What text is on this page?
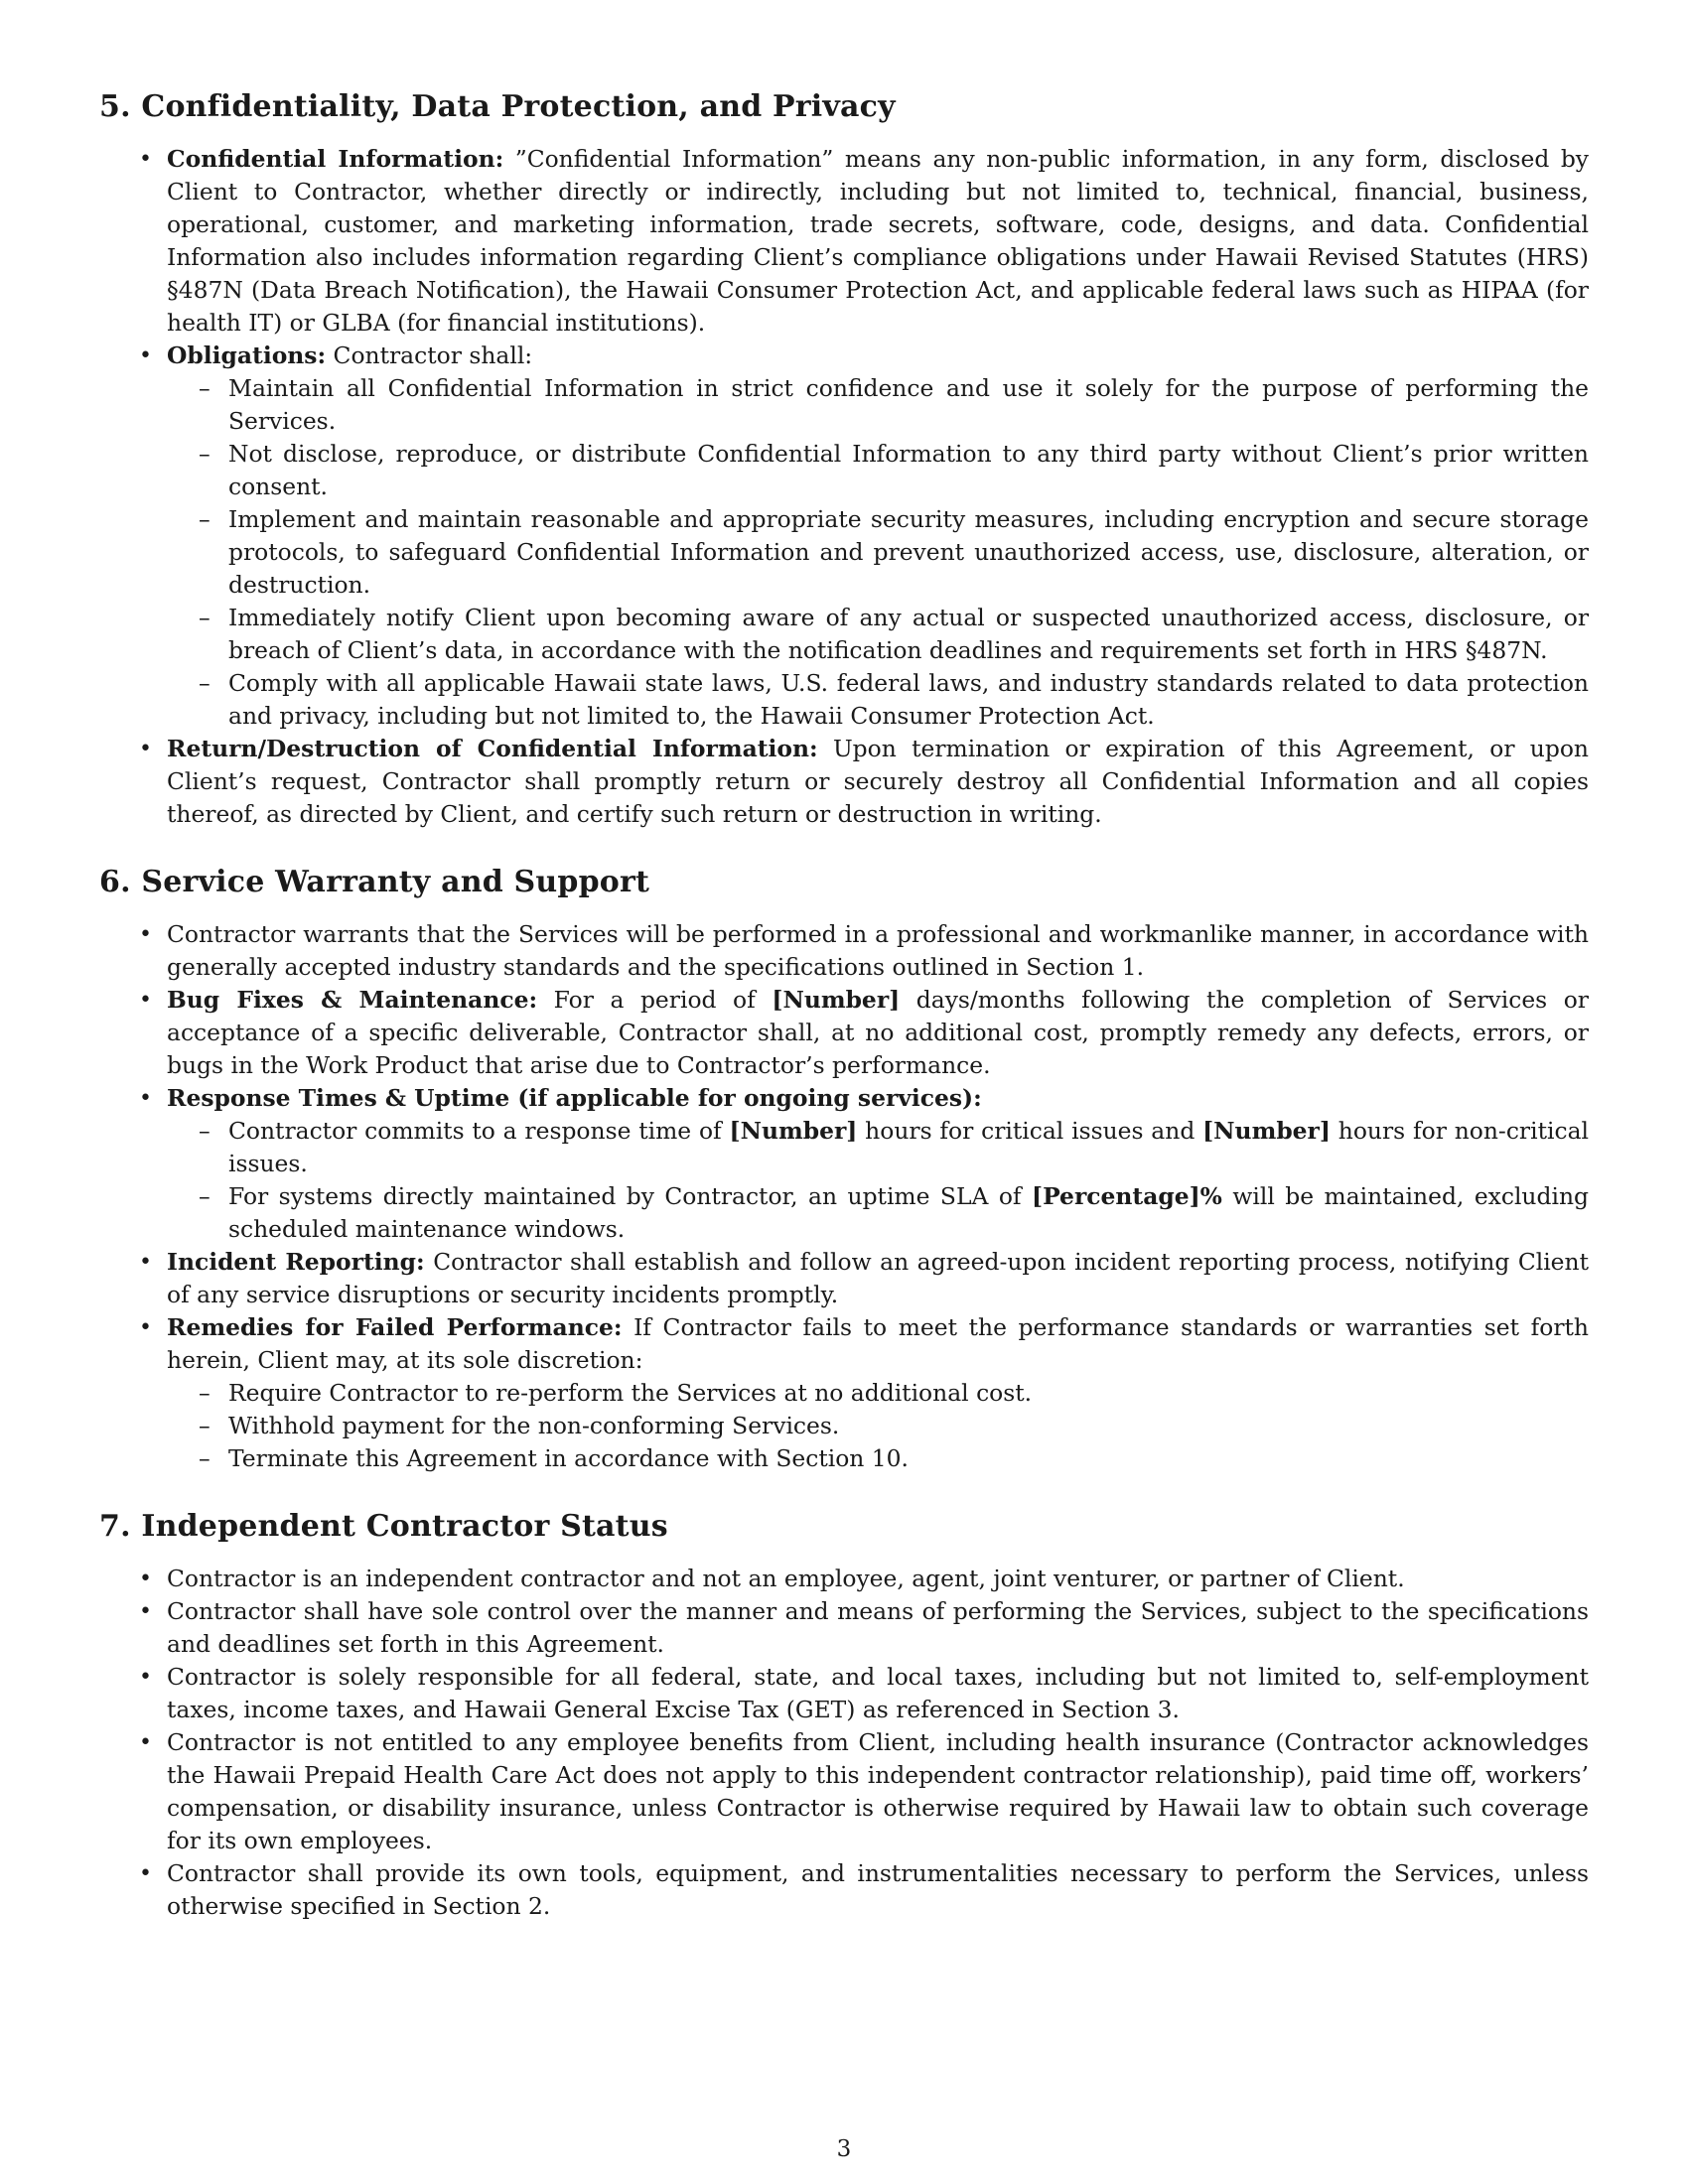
5. Confidentiality, Data Protection, and Privacy
• Confidential Information: ”Confidential Information” means any non-public information, in any form, disclosed by Client to Contractor, whether directly or indirectly, including but not limited to, technical, financial, business, operational, customer, and marketing information, trade secrets, software, code, designs, and data. Confidential Information also includes information regarding Client’s compliance obligations under Hawaii Revised Statutes (HRS) §487N (Data Breach Notification), the Hawaii Consumer Protection Act, and applicable federal laws such as HIPAA (for health IT) or GLBA (for financial institutions).
• Obligations: Contractor shall:
– Maintain all Confidential Information in strict confidence and use it solely for the purpose of performing the Services.
– Not disclose, reproduce, or distribute Confidential Information to any third party without Client’s prior written consent.
– Implement and maintain reasonable and appropriate security measures, including encryption and secure storage protocols, to safeguard Confidential Information and prevent unauthorized access, use, disclosure, alteration, or destruction.
– Immediately notify Client upon becoming aware of any actual or suspected unauthorized access, disclosure, or breach of Client’s data, in accordance with the notification deadlines and requirements set forth in HRS §487N.
– Comply with all applicable Hawaii state laws, U.S. federal laws, and industry standards related to data protection and privacy, including but not limited to, the Hawaii Consumer Protection Act.
• Return/Destruction of Confidential Information: Upon termination or expiration of this Agreement, or upon Client’s request, Contractor shall promptly return or securely destroy all Confidential Information and all copies thereof, as directed by Client, and certify such return or destruction in writing.
6. Service Warranty and Support
• Contractor warrants that the Services will be performed in a professional and workmanlike manner, in accordance with generally accepted industry standards and the specifications outlined in Section 1.
• Bug Fixes & Maintenance: For a period of [Number] days/months following the completion of Services or acceptance of a specific deliverable, Contractor shall, at no additional cost, promptly remedy any defects, errors, or bugs in the Work Product that arise due to Contractor’s performance.
• Response Times & Uptime (if applicable for ongoing services):
– Contractor commits to a response time of [Number] hours for critical issues and [Number] hours for non-critical issues.
– For systems directly maintained by Contractor, an uptime SLA of [Percentage]% will be maintained, excluding scheduled maintenance windows.
• Incident Reporting: Contractor shall establish and follow an agreed-upon incident reporting process, notifying Client of any service disruptions or security incidents promptly.
• Remedies for Failed Performance: If Contractor fails to meet the performance standards or warranties set forth herein, Client may, at its sole discretion:
– Require Contractor to re-perform the Services at no additional cost.
– Withhold payment for the non-conforming Services.
– Terminate this Agreement in accordance with Section 10.
7. Independent Contractor Status
• Contractor is an independent contractor and not an employee, agent, joint venturer, or partner of Client.
• Contractor shall have sole control over the manner and means of performing the Services, subject to the specifications and deadlines set forth in this Agreement.
• Contractor is solely responsible for all federal, state, and local taxes, including but not limited to, self-employment taxes, income taxes, and Hawaii General Excise Tax (GET) as referenced in Section 3.
• Contractor is not entitled to any employee benefits from Client, including health insurance (Contractor acknowledges the Hawaii Prepaid Health Care Act does not apply to this independent contractor relationship), paid time off, workers’ compensation, or disability insurance, unless Contractor is otherwise required by Hawaii law to obtain such coverage for its own employees.
• Contractor shall provide its own tools, equipment, and instrumentalities necessary to perform the Services, unless otherwise specified in Section 2.
3
